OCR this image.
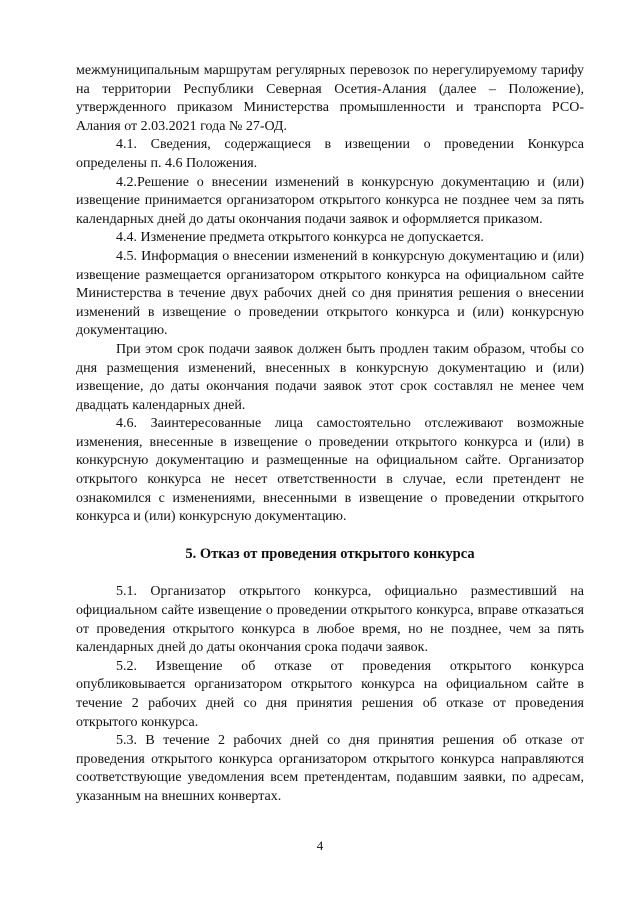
межмуниципальным маршрутам регулярных перевозок по нерегулируемому тарифу на территории Республики Северная Осетия-Алания (далее – Положение), утвержденного приказом Министерства промышленности и транспорта РСО-Алания от 2.03.2021 года № 27-ОД.

4.1. Сведения, содержащиеся в извещении о проведении Конкурса определены п. 4.6 Положения.

4.2.Решение о внесении изменений в конкурсную документацию и (или) извещение принимается организатором открытого конкурса не позднее чем за пять календарных дней до даты окончания подачи заявок и оформляется приказом.

4.4. Изменение предмета открытого конкурса не допускается.

4.5. Информация о внесении изменений в конкурсную документацию и (или) извещение размещается организатором открытого конкурса на официальном сайте Министерства в течение двух рабочих дней со дня принятия решения о внесении изменений в извещение о проведении открытого конкурса и (или) конкурсную документацию.

При этом срок подачи заявок должен быть продлен таким образом, чтобы со дня размещения изменений, внесенных в конкурсную документацию и (или) извещение, до даты окончания подачи заявок этот срок составлял не менее чем двадцать календарных дней.

4.6. Заинтересованные лица самостоятельно отслеживают возможные изменения, внесенные в извещение о проведении открытого конкурса и (или) в конкурсную документацию и размещенные на официальном сайте. Организатор открытого конкурса не несет ответственности в случае, если претендент не ознакомился с изменениями, внесенными в извещение о проведении открытого конкурса и (или) конкурсную документацию.

5. Отказ от проведения открытого конкурса

5.1. Организатор открытого конкурса, официально разместивший на официальном сайте извещение о проведении открытого конкурса, вправе отказаться от проведения открытого конкурса в любое время, но не позднее, чем за пять календарных дней до даты окончания срока подачи заявок.

5.2. Извещение об отказе от проведения открытого конкурса опубликовывается организатором открытого конкурса на официальном сайте в течение 2 рабочих дней со дня принятия решения об отказе от проведения открытого конкурса.

5.3. В течение 2 рабочих дней со дня принятия решения об отказе от проведения открытого конкурса организатором открытого конкурса направляются соответствующие уведомления всем претендентам, подавшим заявки, по адресам, указанным на внешних конвертах.

4
